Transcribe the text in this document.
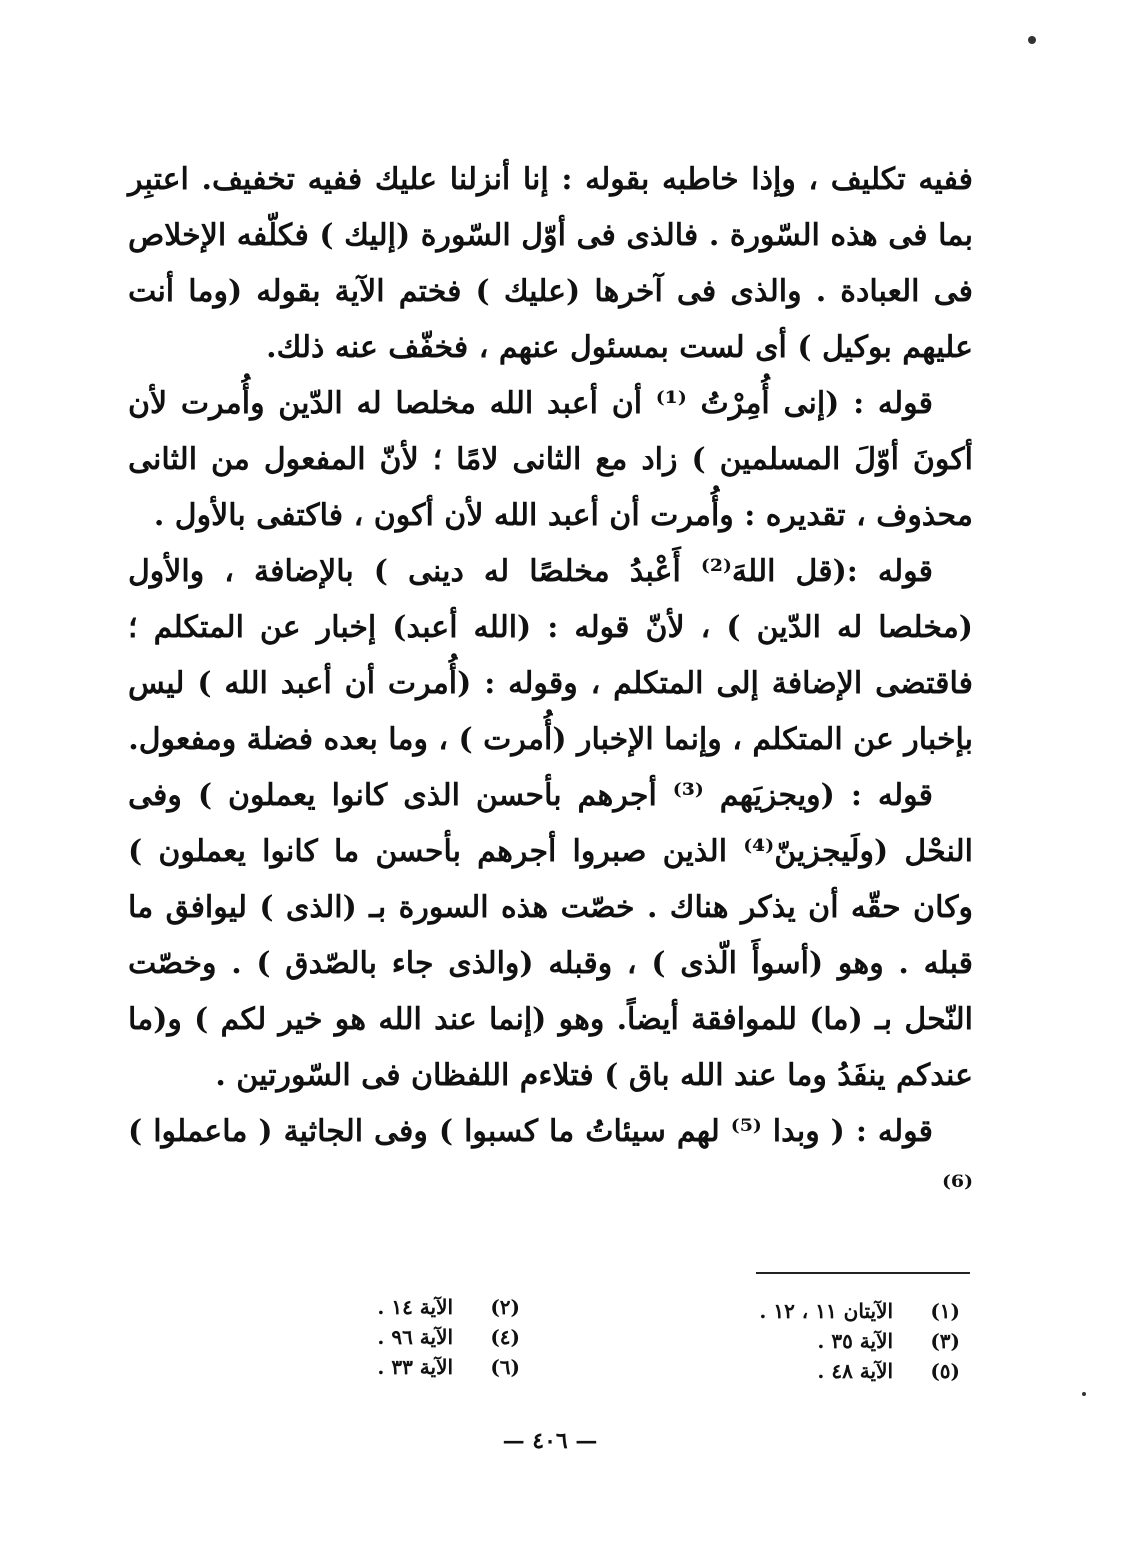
ففيه تكليف ، وإذا خاطبه بقوله : إنا أنزلنا عليك ففيه تخفيف. اعتبِر بما فى هذه السّورة . فالذى فى أوّل السّورة (إليك ) فكلّفه الإخلاص فى العبادة . والذى فى آخرها (عليك ) فختم الآية بقوله (وما أنت عليهم بوكيل ) أى لست بمسئول عنهم ، فخفّف عنه ذلك.

قوله : (إنى أُمِرْتُ ⁽¹⁾ أن أعبد الله مخلصا له الدّين وأُمرت لأن أكونَ أوّلَ المسلمين ) زاد مع الثانى لامًا ؛ لأنّ المفعول من الثانى محذوف ، تقديره : وأُمرت أن أعبد الله لأن أكون ، فاكتفى بالأول .

قوله :(قل اللهَ⁽²⁾ أَعْبدُ مخلصًا له دينى ) بالإضافة ، والأول (مخلصا له الدّين ) ، لأنّ قوله : (الله أعبد) إخبار عن المتكلم ؛ فاقتضى الإضافة إلى المتكلم ، وقوله : (أُمرت أن أعبد الله ) ليس بإخبار عن المتكلم ، وإنما الإخبار (أُمرت ) ، وما بعده فضلة ومفعول.

قوله : (ويجزيَهم ⁽³⁾ أجرهم بأحسن الذى كانوا يعملون ) وفى النحْل (ولَيجزينّ⁽⁴⁾ الذين صبروا أجرهم بأحسن ما كانوا يعملون ) وكان حقّه أن يذكر هناك . خصّت هذه السورة بـ (الذى ) ليوافق ما قبله . وهو (أسوأَ الّذى ) ، وقبله (والذى جاء بالصّدق ) . وخصّت النّحل بـ (ما) للموافقة أيضاً. وهو (إنما عند الله هو خير لكم ) و(ما عندكم ينفَدُ وما عند الله باق ) فتلاءم اللفظان فى السّورتين .

قوله : ( وبدا ⁽⁵⁾ لهم سيئاتُ ما كسبوا ) وفى الجاثية ( ماعملوا )⁽⁶⁾

(١) الآيتان ١١ ، ١٢ .
(٣) الآية ٣٥ .
(٥) الآية ٤٨ .
(٢) الآية ١٤ .
(٤) الآية ٩٦ .
(٦) الآية ٣٣ .
— ٤٠٦ —
